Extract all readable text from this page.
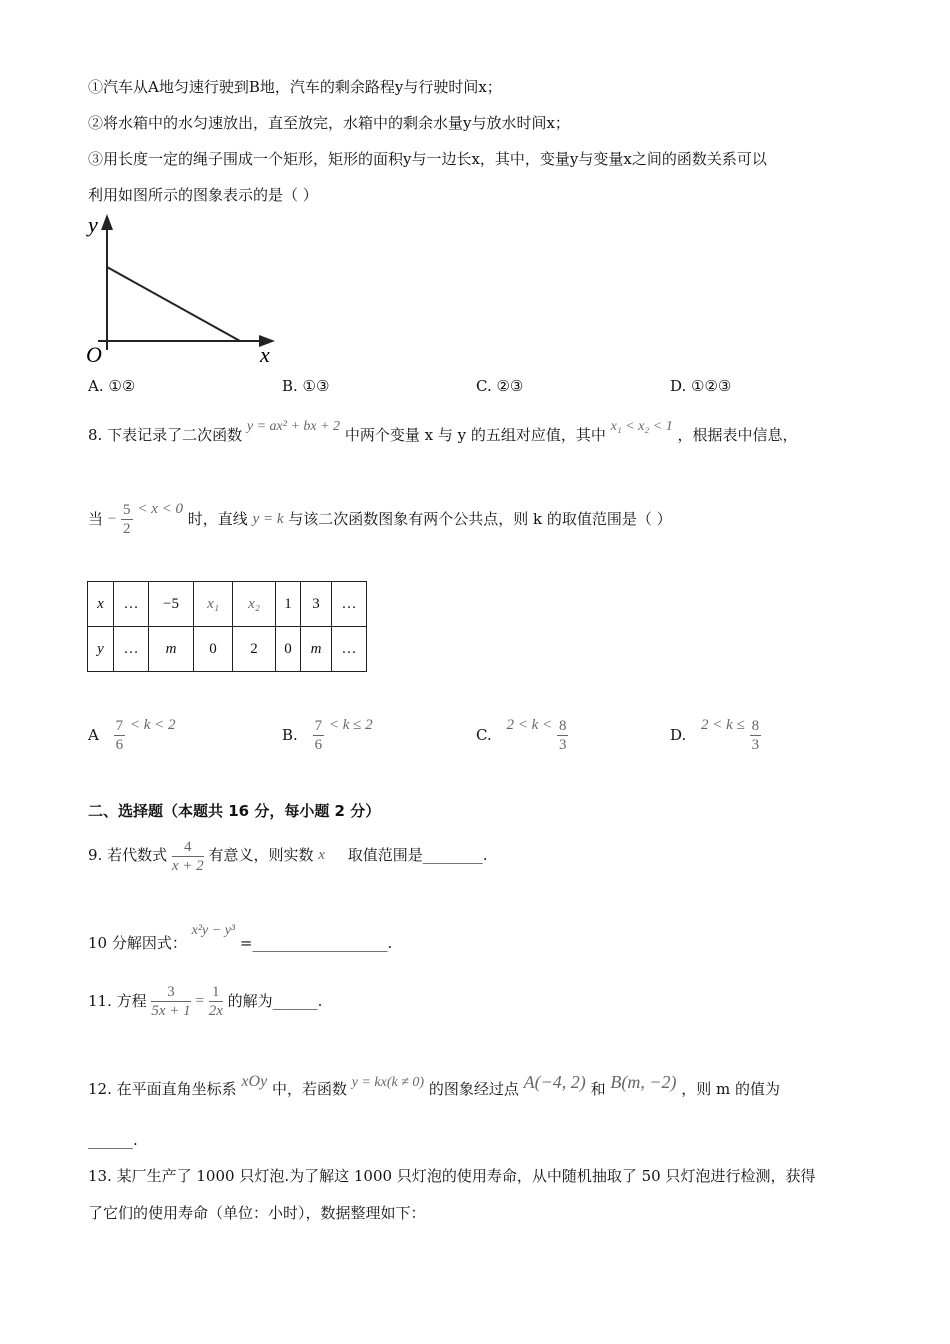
①汽车从A地匀速行驶到B地，汽车的剩余路程y与行驶时间x；
②将水箱中的水匀速放出，直至放完，水箱中的剩余水量y与放水时间x；
③用长度一定的绳子围成一个矩形，矩形的面积y与一边长x，其中，变量y与变量x之间的函数关系可以
利用如图所示的图象表示的是（ ）
y
x
O
A. ①②	B. ①③	C. ②③	D. ①②③
8. 下表记录了二次函数 y = ax² + bx + 2 中两个变量 x 与 y 的五组对应值，其中 x₁ < x₂ < 1 ，根据表中信息，
当 − $\frac{5}{2} < x < 0$ 时，直线 y = k 与该二次函数图象有两个公共点，则 k 的取值范围是（ ）
x	…	−5	x₁	x₂	1	3	…
y	…	m	0	2	0	m	…
A $\frac{7}{6} < k < 2$
B. $\frac{7}{6} < k \le 2$
C. $2 < k < \frac{8}{3}$	D. $2 < k \le \frac{8}{3}$
二、选择题（本题共 16 分，每小题 2 分）
9. 若代数式 $\frac{4}{x + 2}$ 有意义，则实数 x 取值范围是________.
10 分解因式： x²y − y³ =__________________.
11. 方程 $\frac{3}{5x + 1} = \frac{1}{2x}$ 的解为______.
12. 在平面直角坐标系 xOy 中，若函数 y = kx(k ≠ 0) 的图象经过点 A(−4, 2) 和 B(m, −2) ，则 m 的值为
______.
13. 某厂生产了 1000 只灯泡.为了解这 1000 只灯泡的使用寿命，从中随机抽取了 50 只灯泡进行检测，获得
了它们的使用寿命（单位：小时），数据整理如下：
